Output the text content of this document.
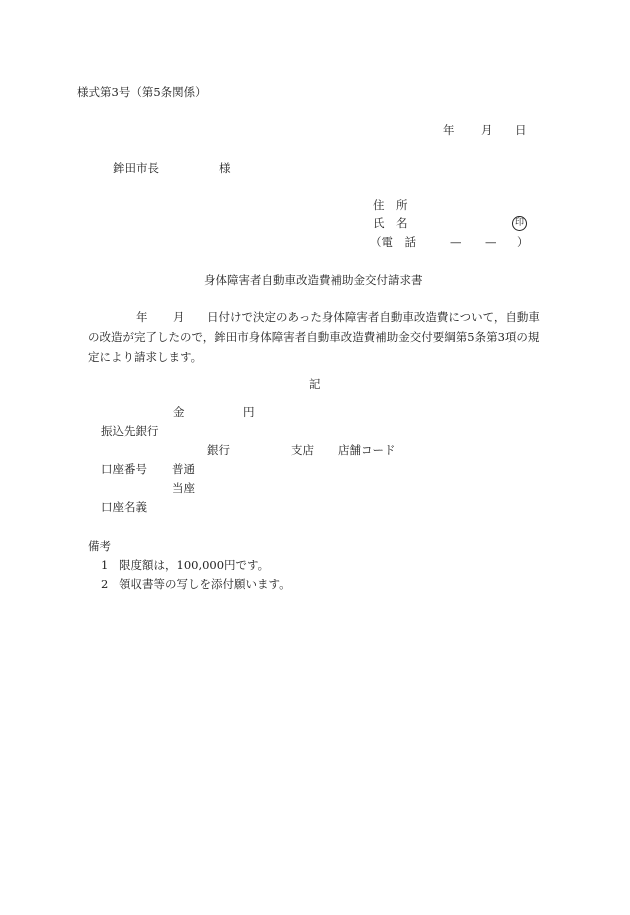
様式第3号（第5条関係）
年 月 日
鉾田市長	様
住　所
氏　名	印
（電　話	— — ）
身体障害者自動車改造費補助金交付請求書
年 月 日付けで決定のあった身体障害者自動車改造費について，自動車
の改造が完了したので，鉾田市身体障害者自動車改造費補助金交付要綱第5条第3項の規
定により請求します。
記
金	円
振込先銀行
銀行	支店 店舗コード
口座番号 普通
当座
口座名義
備考
1 限度額は，100,000円です。
2 領収書等の写しを添付願います。
